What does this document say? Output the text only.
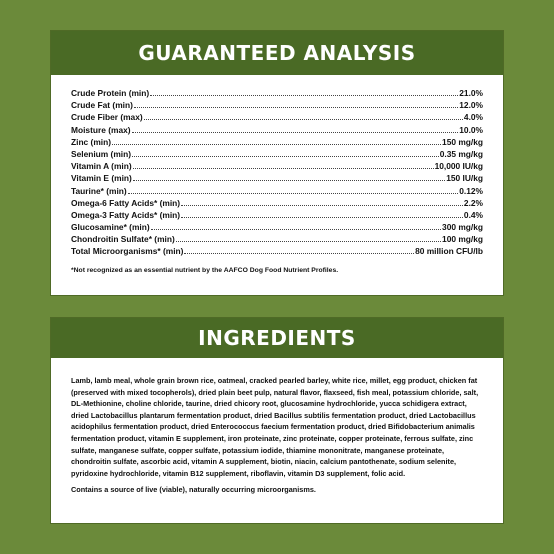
GUARANTEED ANALYSIS
Crude Protein (min)	21.0%
Crude Fat (min)	12.0%
Crude Fiber (max)	4.0%
Moisture (max)	10.0%
Zinc (min)	150 mg/kg
Selenium (min)	0.35 mg/kg
Vitamin A (min)	10,000 IU/kg
Vitamin E (min)	150 IU/kg
Taurine* (min)	0.12%
Omega-6 Fatty Acids* (min)	2.2%
Omega-3 Fatty Acids* (min)	0.4%
Glucosamine* (min)	300 mg/kg
Chondroitin Sulfate* (min)	100 mg/kg
Total Microorganisms* (min)	80 million CFU/lb
*Not recognized as an essential nutrient by the AAFCO Dog Food Nutrient Profiles.
INGREDIENTS

Lamb, lamb meal, whole grain brown rice, oatmeal, cracked pearled barley, white rice, millet, egg product, chicken fat (preserved with mixed tocopherols), dried plain beet pulp, natural flavor, flaxseed, fish meal, potassium chloride, salt, DL-Methionine, choline chloride, taurine, dried chicory root, glucosamine hydrochloride, yucca schidigera extract, dried Lactobacillus plantarum fermentation product, dried Bacillus subtilis fermentation product, dried Lactobacillus acidophilus fermentation product, dried Enterococcus faecium fermentation product, dried Bifidobacterium animalis fermentation product, vitamin E supplement, iron proteinate, zinc proteinate, copper proteinate, ferrous sulfate, zinc sulfate, manganese sulfate, copper sulfate, potassium iodide, thiamine mononitrate, manganese proteinate, chondroitin sulfate, ascorbic acid, vitamin A supplement, biotin, niacin, calcium pantothenate, sodium selenite, pyridoxine hydrochloride, vitamin B12 supplement, riboflavin, vitamin D3 supplement, folic acid.

Contains a source of live (viable), naturally occurring microorganisms.
